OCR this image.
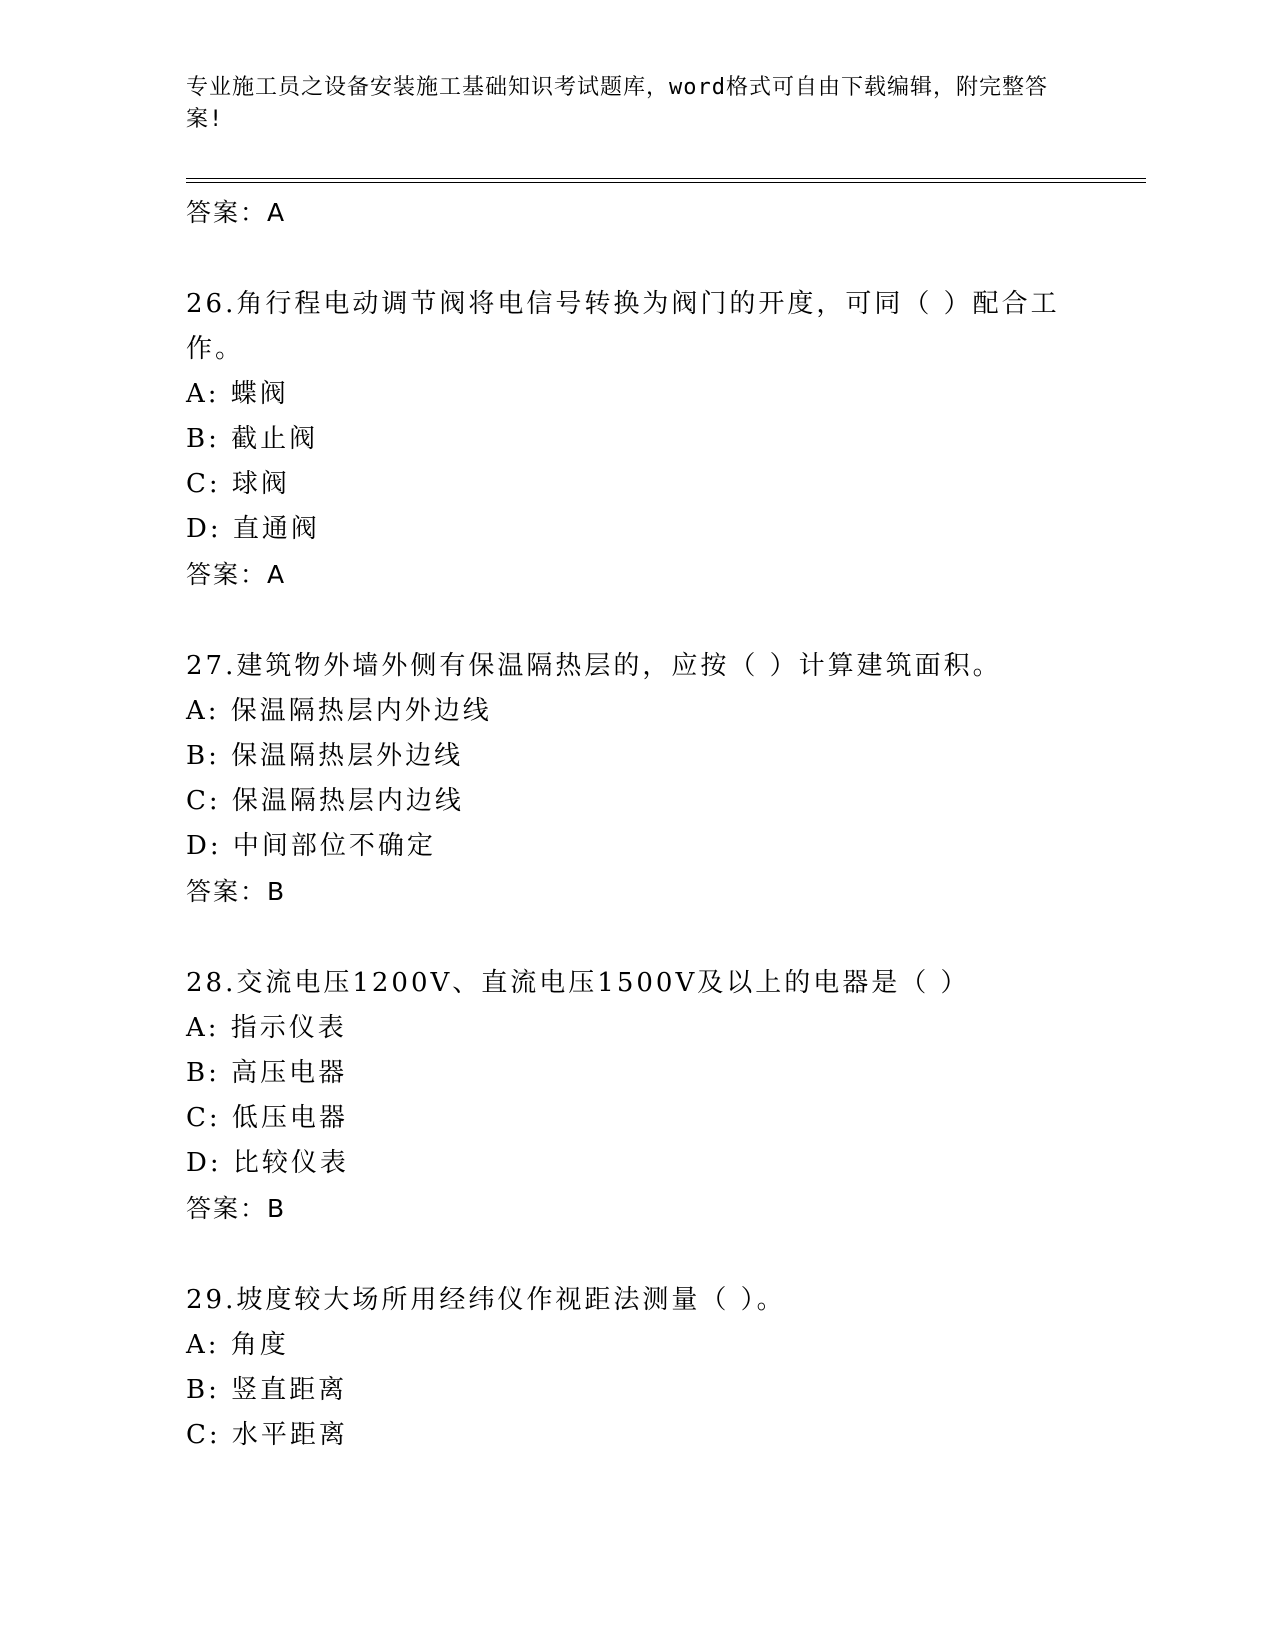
专业施工员之设备安装施工基础知识考试题库，word格式可自由下载编辑，附完整答案!
答案：A
26.角行程电动调节阀将电信号转换为阀门的开度，可同（ ）配合工作。
A: 蝶阀
B: 截止阀
C: 球阀
D: 直通阀
答案：A
27.建筑物外墙外侧有保温隔热层的，应按（ ）计算建筑面积。
A: 保温隔热层内外边线
B: 保温隔热层外边线
C: 保温隔热层内边线
D: 中间部位不确定
答案：B
28.交流电压1200V、直流电压1500V及以上的电器是（ ）
A: 指示仪表
B: 高压电器
C: 低压电器
D: 比较仪表
答案：B
29.坡度较大场所用经纬仪作视距法测量（ ）。
A: 角度
B: 竖直距离
C: 水平距离
